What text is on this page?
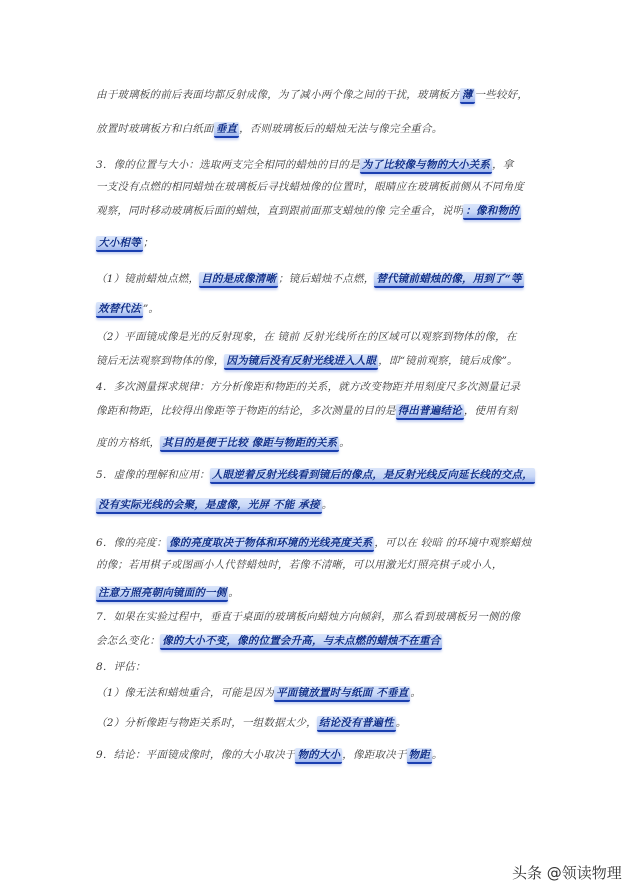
由于玻璃板的前后表面均都反射成像，为了减小两个像之间的干扰，玻璃板方 薄 一些较好，
放置时玻璃板方和白纸面 垂直 ，否则玻璃板后的蜡烛无法与像完全重合。
3．像的位置与大小：选取两支完全相同的蜡烛的目的是 为了比较像与物的大小关系 ，拿
一支没有点燃的相同蜡烛在玻璃板后寻找蜡烛像的位置时，眼睛应在玻璃板前侧从不同角度
观察，同时移动玻璃板后面的蜡烛，直到跟前面那支蜡烛的像 完全重合，说明 ：像和物的
大小相等 ；
（1）镜前蜡烛点燃， 目的是成像清晰 ；镜后蜡烛不点燃， 替代镜前蜡烛的像，用到了“等
效替代法 ”。
（2）平面镜成像是光的反射现象，在 镜前 反射光线所在的区域可以观察到物体的像，在
镜后无法观察到物体的像， 因为镜后没有反射光线进入人眼 ，即“镜前观察，镜后成像”。
4．多次测量探求规律：方分析像距和物距的关系，就方改变物距并用刻度尺多次测量记录
像距和物距，比较得出像距等于物距的结论，多次测量的目的是 得出普遍结论 ，使用有刻
度的方格纸， 其目的是便于比较 像距与物距的关系 。
5．虚像的理解和应用： 人眼逆着反射光线看到镜后的像点，是反射光线反向延长线的交点，
没有实际光线的会聚，是虚像，光屏 不能 承接 。
6．像的亮度： 像的亮度取决于物体和环境的光线亮度关系 ，可以在 较暗 的环境中观察蜡烛
的像；若用棋子或图画小人代替蜡烛时，若像不清晰，可以用激光灯照亮棋子或小人，
注意方照亮朝向镜面的一侧 。
7．如果在实验过程中，垂直于桌面的玻璃板向蜡烛方向倾斜，那么看到玻璃板另一侧的像
会怎么变化： 像的大小不变，像的位置会升高，与未点燃的蜡烛不在重合
8．评估：
（1）像无法和蜡烛重合，可能是因为 平面镜放置时与纸面 不垂直 。
（2）分析像距与物距关系时，一组数据太少， 结论没有普遍性 。
9．结论：平面镜成像时，像的大小取决于 物的大小 ，像距取决于 物距 。
头条 @领读物理
